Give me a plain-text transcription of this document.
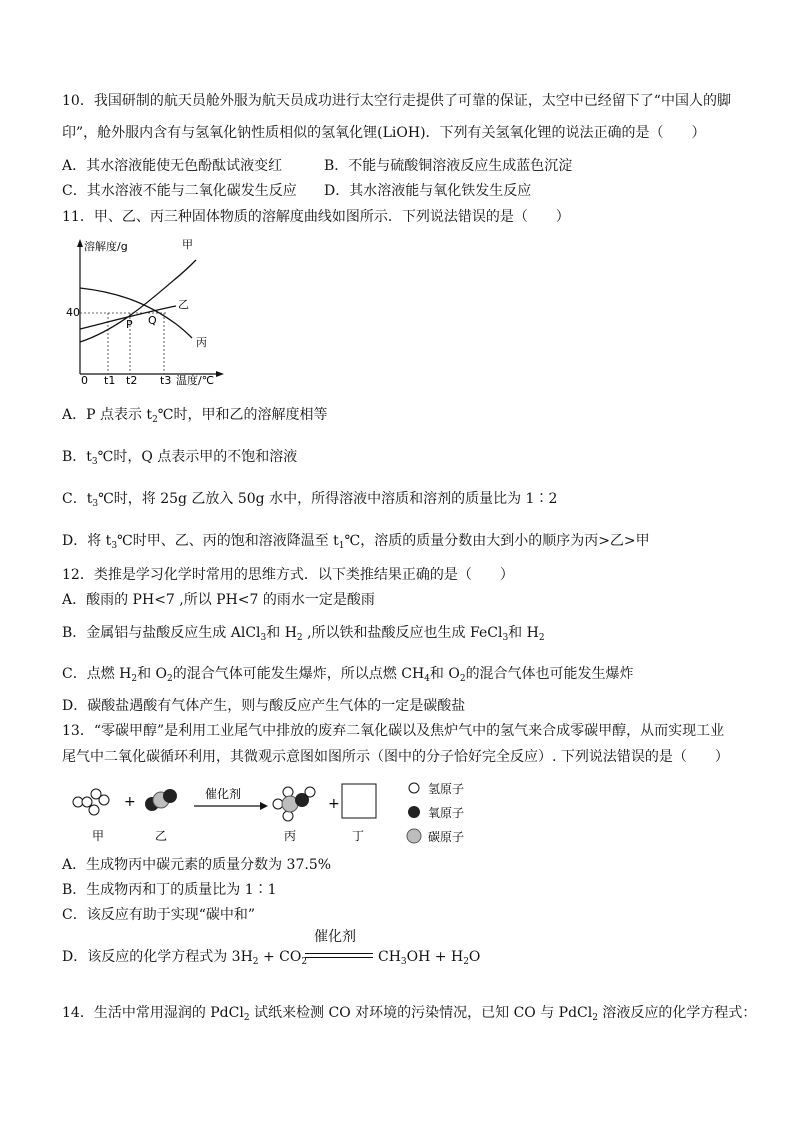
10．我国研制的航天员舱外服为航天员成功进行太空行走提供了可靠的保证，太空中已经留下了“中国人的脚
印”，舱外服内含有与氢氧化钠性质相似的氢氧化锂(LiOH)．下列有关氢氧化锂的说法正确的是（　　）
A．其水溶液能使无色酚酞试液变红	B．不能与硫酸铜溶液反应生成蓝色沉淀
C．其水溶液不能与二氧化碳发生反应 D．其水溶液能与氧化铁发生反应
11．甲、乙、丙三种固体物质的溶解度曲线如图所示．下列说法错误的是（　　）
溶解度/g
温度/℃
40
0 t1 t2 t3
甲
乙
丙
P Q
A．P 点表示 $t_2℃$时，甲和乙的溶解度相等
B．$t_3℃$时，Q 点表示甲的不饱和溶液
C．$t_3℃$时，将 25g 乙放入 50g 水中，所得溶液中溶质和溶剂的质量比为 1∶2
D．将 $t_3℃$时甲、乙、丙的饱和溶液降温至 $t_1℃$，溶质的质量分数由大到小的顺序为丙>乙>甲
12．类推是学习化学时常用的思维方式．以下类推结果正确的是（　　）
A．酸雨的 PH<7 ,所以 PH<7 的雨水一定是酸雨
B．金属铝与盐酸反应生成 AlCl$_3$和 $H_2$ ,所以铁和盐酸反应也生成 FeCl$_3$和 $H_2$
C．点燃 $H_2$和 $O_2$的混合气体可能发生爆炸，所以点燃 $CH_4$和 $O_2$的混合气体也可能发生爆炸
D．碳酸盐遇酸有气体产生，则与酸反应产生气体的一定是碳酸盐
13．“零碳甲醇”是利用工业尾气中排放的废弃二氧化碳以及焦炉气中的氢气来合成零碳甲醇，从而实现工业
尾气中二氧化碳循环利用，其微观示意图如图所示（图中的分子恰好完全反应）. 下列说法错误的是（　　）
+	催化剂
+
甲	乙	丙	丁
氢原子
氧原子
碳原子
A．生成物丙中碳元素的质量分数为 37.5%
B．生成物丙和丁的质量比为 1∶1
C．该反应有助于实现“碳中和”
D．该反应的化学方程式为 $3H_2 + CO_2$
催化剂
$CH_3OH + H_2O$
14．生活中常用湿润的 PdCl$_2$ 试纸来检测 CO 对环境的污染情况，已知 CO 与 PdCl$_2$ 溶液反应的化学方程式：
